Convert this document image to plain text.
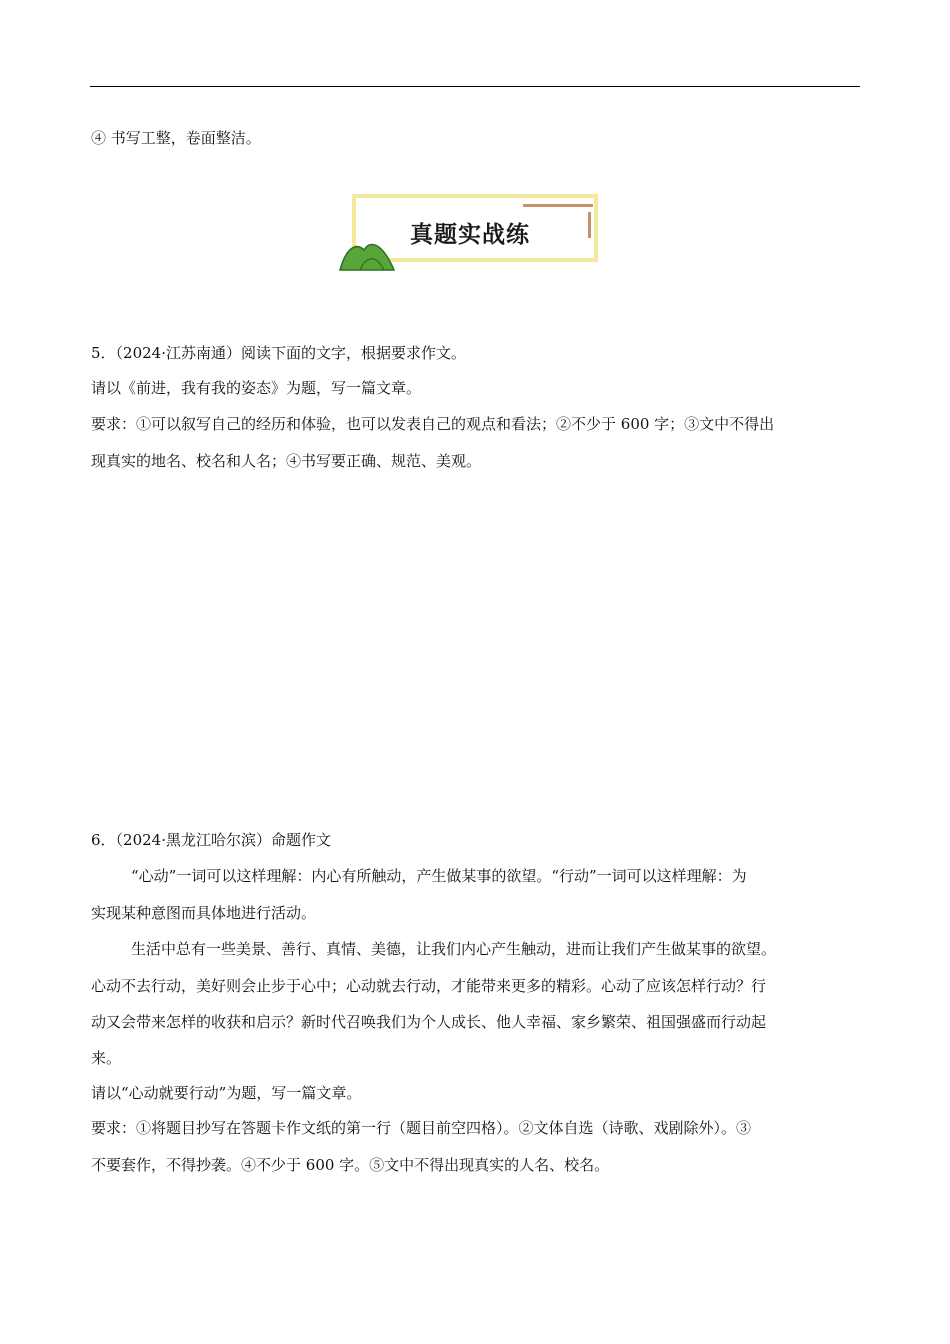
④ 书写工整，卷面整洁。
真题实战练
5．（2024·江苏南通）阅读下面的文字，根据要求作文。
请以《前进，我有我的姿态》为题，写一篇文章。
要求：①可以叙写自己的经历和体验，也可以发表自己的观点和看法；②不少于 600 字；③文中不得出
现真实的地名、校名和人名；④书写要正确、规范、美观。
6．（2024·黑龙江哈尔滨）命题作文
“心动”一词可以这样理解：内心有所触动，产生做某事的欲望。“行动”一词可以这样理解：为
实现某种意图而具体地进行活动。
生活中总有一些美景、善行、真情、美德，让我们内心产生触动，进而让我们产生做某事的欲望。
心动不去行动，美好则会止步于心中；心动就去行动，才能带来更多的精彩。心动了应该怎样行动？行
动又会带来怎样的收获和启示？新时代召唤我们为个人成长、他人幸福、家乡繁荣、祖国强盛而行动起
来。
请以“心动就要行动”为题，写一篇文章。
要求：①将题目抄写在答题卡作文纸的第一行（题目前空四格）。②文体自选（诗歌、戏剧除外）。③
不要套作，不得抄袭。④不少于 600 字。⑤文中不得出现真实的人名、校名。
